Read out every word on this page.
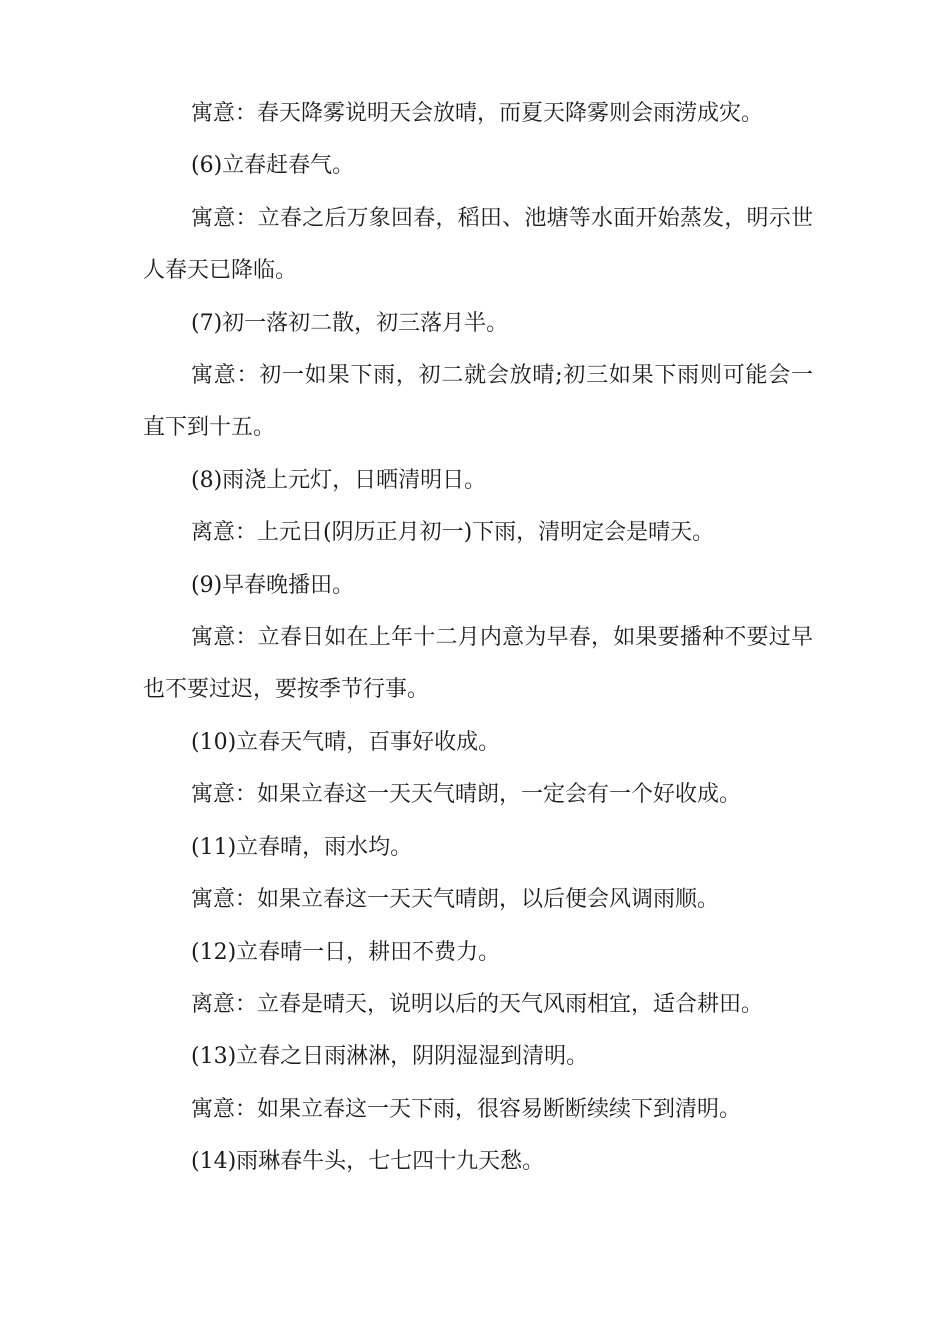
寓意：春天降雾说明天会放晴，而夏天降雾则会雨涝成灾。

(6)立春赶春气。

寓意：立春之后万象回春，稻田、池塘等水面开始蒸发，明示世人春天已降临。

(7)初一落初二散，初三落月半。

寓意：初一如果下雨，初二就会放晴;初三如果下雨则可能会一直下到十五。

(8)雨浇上元灯，日晒清明日。

离意：上元日(阴历正月初一)下雨，清明定会是晴天。

(9)早春晚播田。

寓意：立春日如在上年十二月内意为早春，如果要播种不要过早也不要过迟，要按季节行事。

(10)立春天气晴，百事好收成。

寓意：如果立春这一天天气晴朗，一定会有一个好收成。

(11)立春晴，雨水均。

寓意：如果立春这一天天气晴朗，以后便会风调雨顺。

(12)立春晴一日，耕田不费力。

离意：立春是晴天，说明以后的天气风雨相宜，适合耕田。

(13)立春之日雨淋淋，阴阴湿湿到清明。

寓意：如果立春这一天下雨，很容易断断续续下到清明。

(14)雨琳春牛头，七七四十九天愁。
